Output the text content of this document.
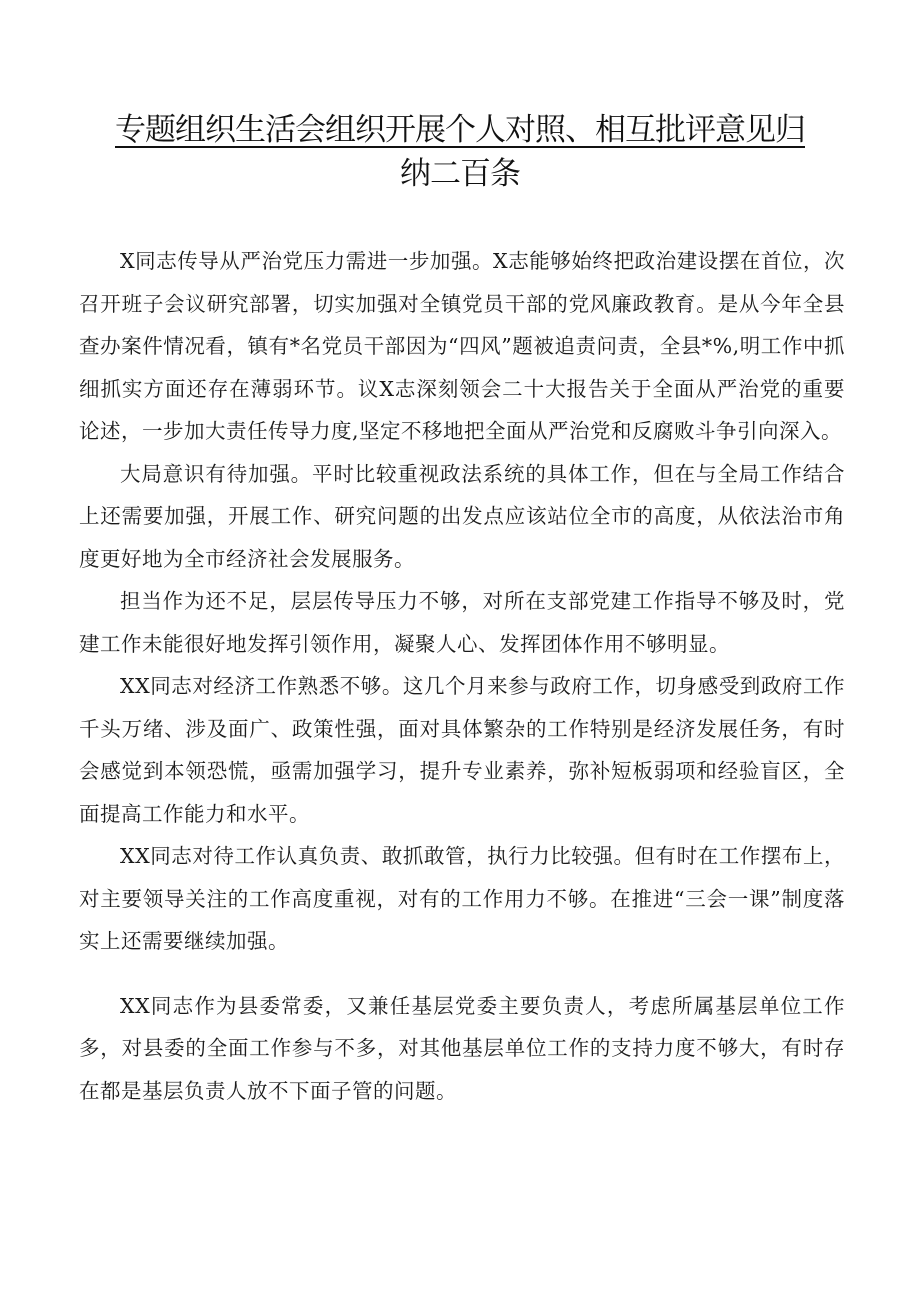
专题组织生活会组织开展个人对照、相互批评意见归
纳二百条

X同志传导从严治党压力需进一步加强。X志能够始终把政治建设摆在首位，次召开班子会议研究部署，切实加强对全镇党员干部的党风廉政教育。是从今年全县查办案件情况看，镇有*名党员干部因为“四风”题被追责问责，全县*%,明工作中抓细抓实方面还存在薄弱环节。议X志深刻领会二十大报告关于全面从严治党的重要论述，一步加大责任传导力度,坚定不移地把全面从严治党和反腐败斗争引向深入。

大局意识有待加强。平时比较重视政法系统的具体工作，但在与全局工作结合上还需要加强，开展工作、研究问题的出发点应该站位全市的高度，从依法治市角度更好地为全市经济社会发展服务。

担当作为还不足，层层传导压力不够，对所在支部党建工作指导不够及时，党建工作未能很好地发挥引领作用，凝聚人心、发挥团体作用不够明显。

XX同志对经济工作熟悉不够。这几个月来参与政府工作，切身感受到政府工作千头万绪、涉及面广、政策性强，面对具体繁杂的工作特别是经济发展任务，有时会感觉到本领恐慌，亟需加强学习，提升专业素养，弥补短板弱项和经验盲区，全面提高工作能力和水平。

XX同志对待工作认真负责、敢抓敢管，执行力比较强。但有时在工作摆布上，对主要领导关注的工作高度重视，对有的工作用力不够。在推进“三会一课”制度落实上还需要继续加强。

XX同志作为县委常委，又兼任基层党委主要负责人，考虑所属基层单位工作多，对县委的全面工作参与不多，对其他基层单位工作的支持力度不够大，有时存在都是基层负责人放不下面子管的问题。
